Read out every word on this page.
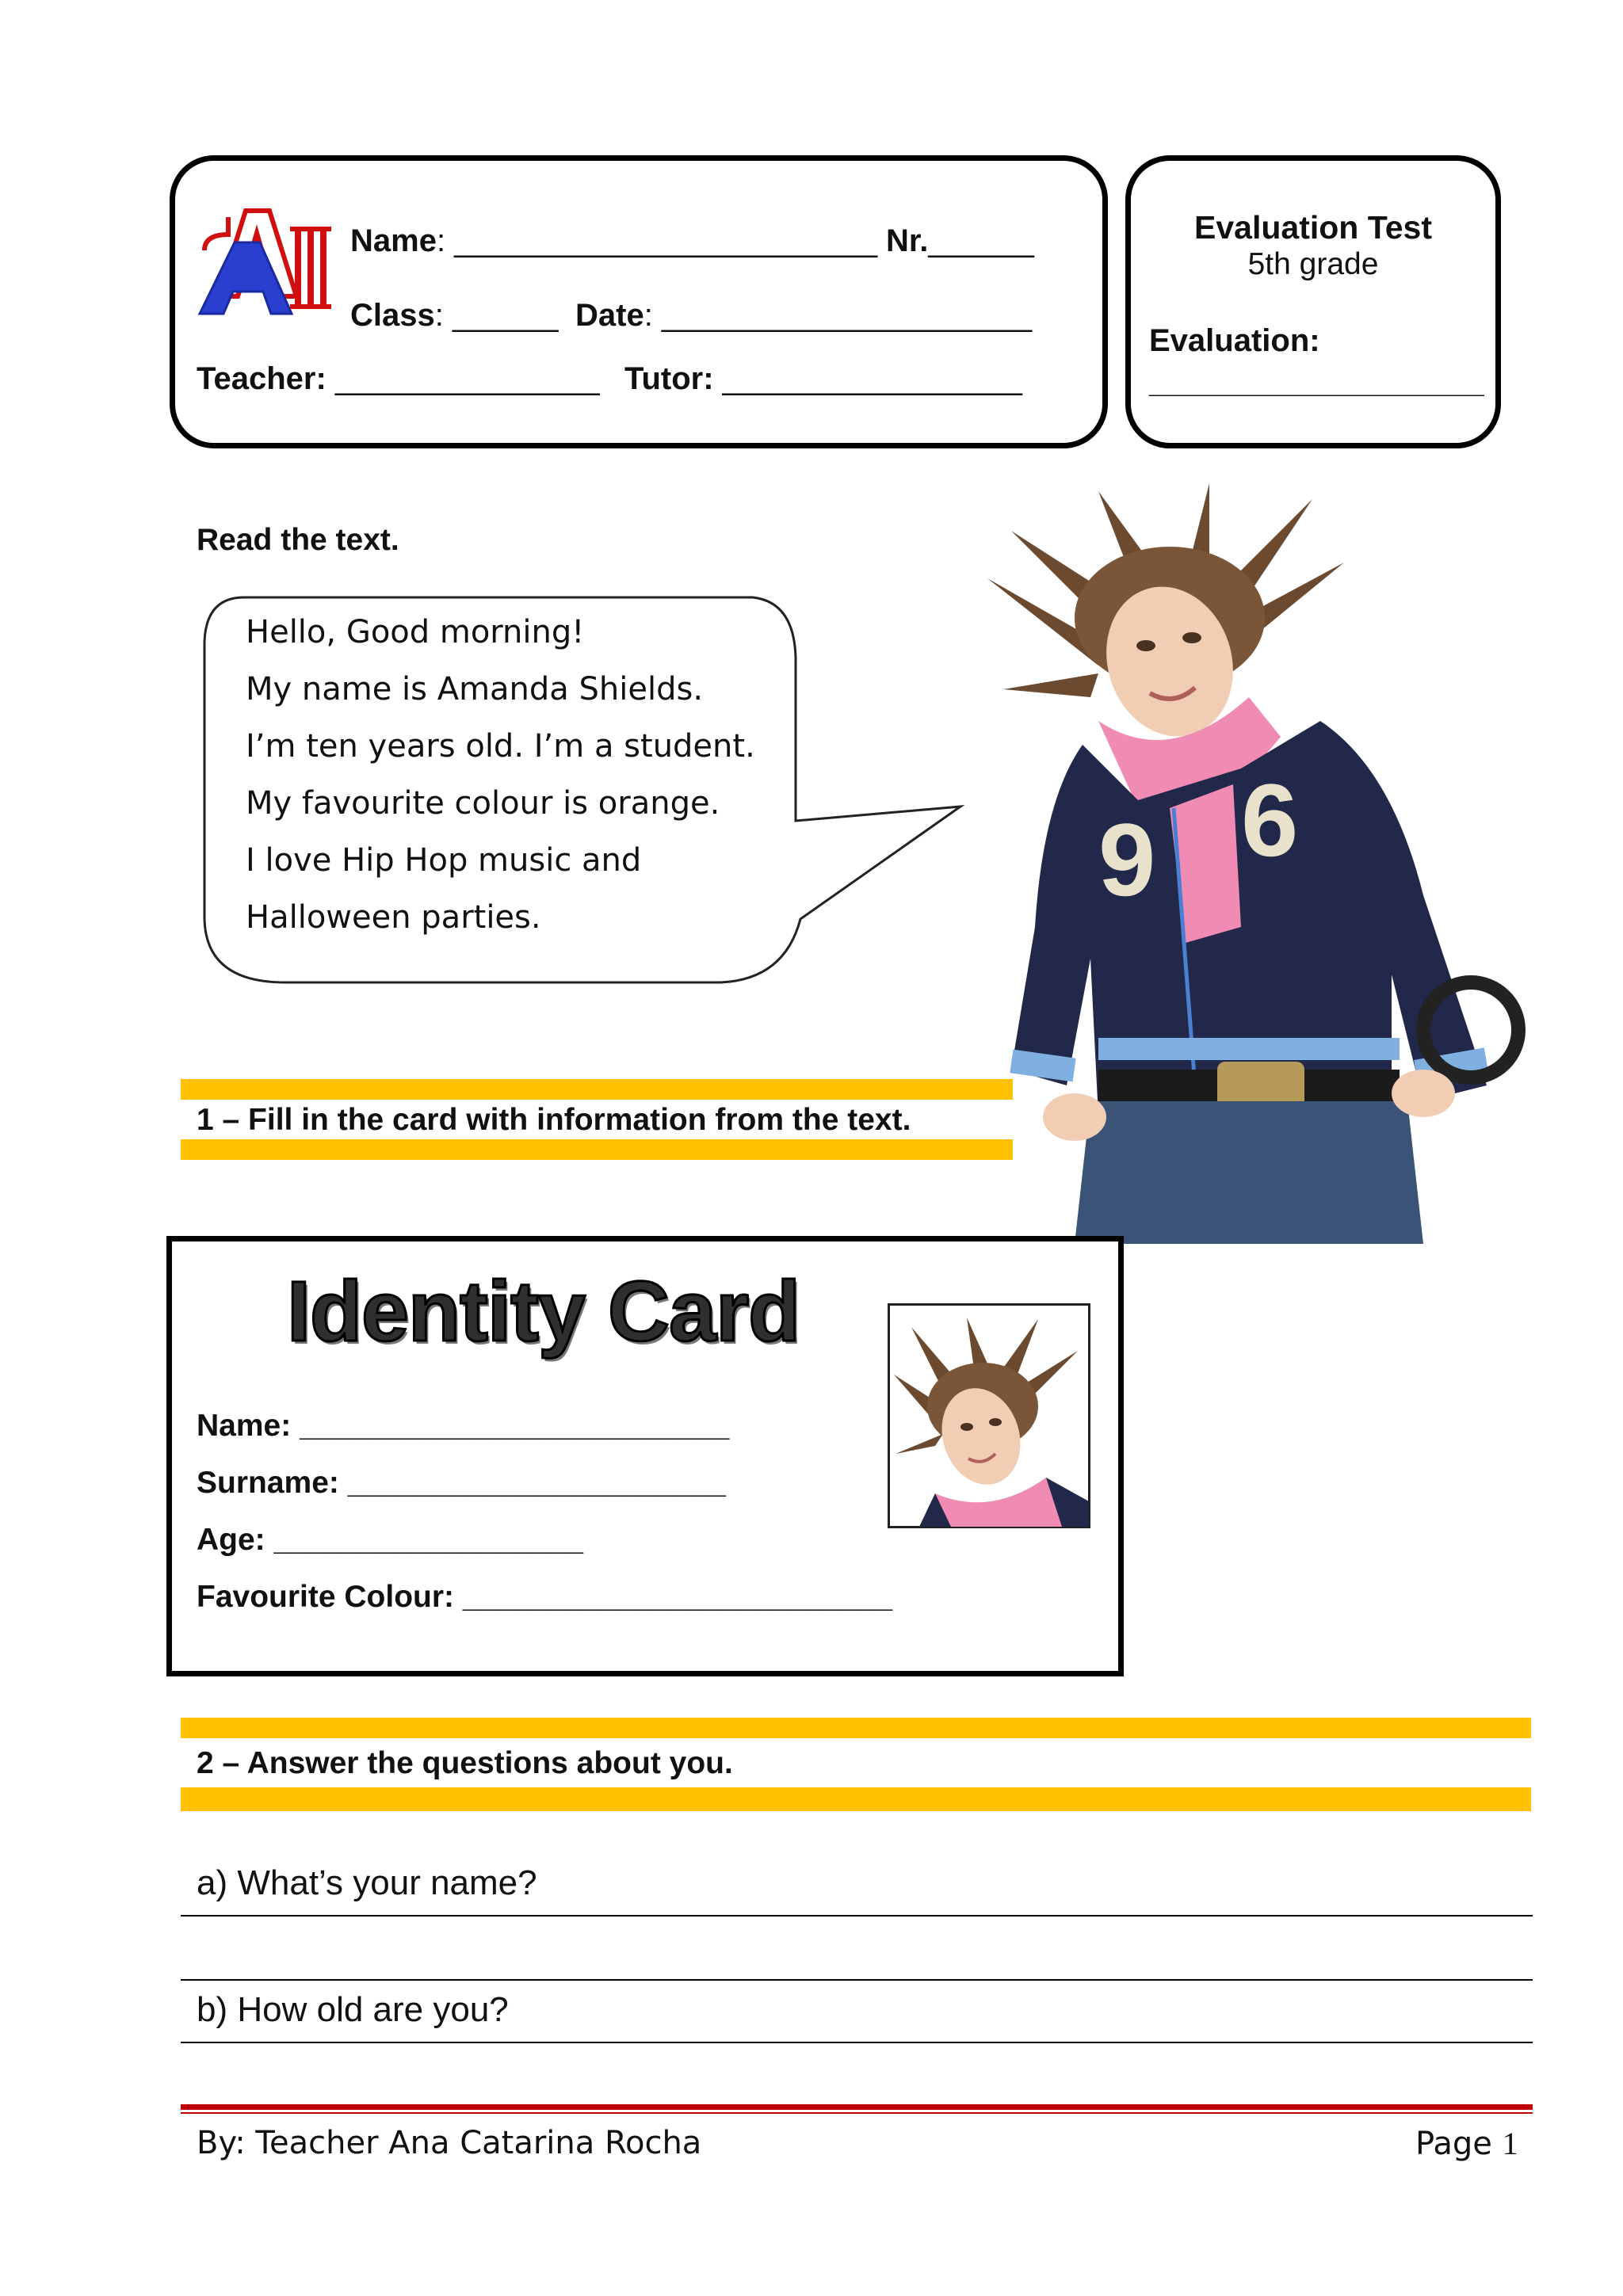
Name: ________________________ Nr.______
Class: ______ Date: _____________________
Teacher: _______________ Tutor: _________________
Evaluation Test
5th grade
Evaluation:
___________________
Read the text.
Hello, Good morning!
My name is Amanda Shields.
I’m ten years old. I’m a student.
My favourite colour is orange.
I love Hip Hop music and
Halloween parties.	9 6
1 – Fill in the card with information from the text.
Identity Card
Name: _________________________
Surname: ______________________
Age: __________________
Favourite Colour: _________________________
2 – Answer the questions about you.
a) What’s your name?
b) How old are you?
By: Teacher Ana Catarina Rocha	Page 1
